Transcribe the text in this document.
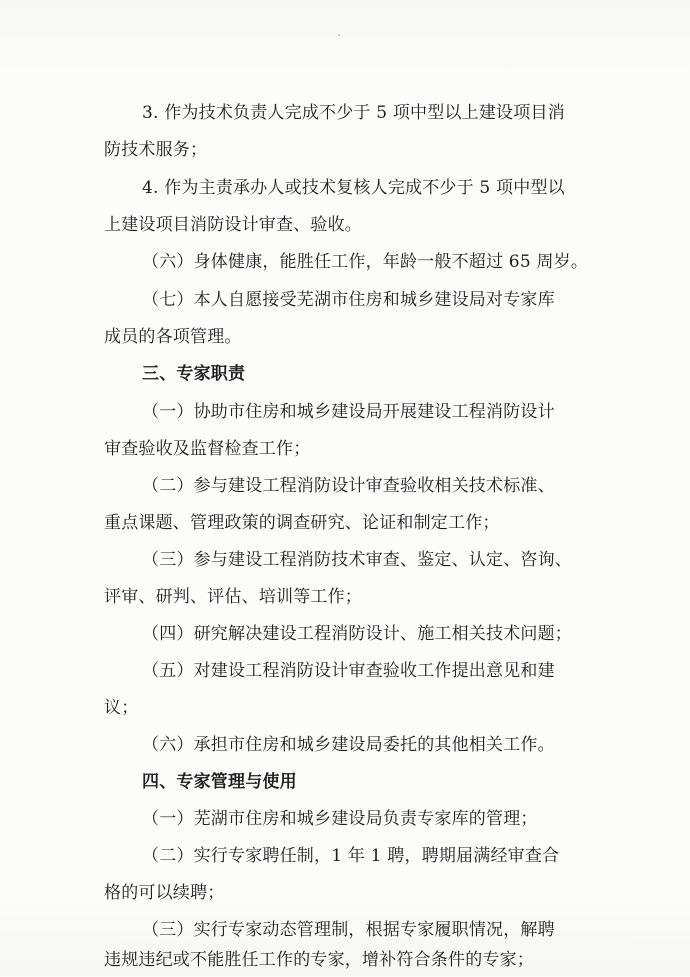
3. 作为技术负责人完成不少于 5 项中型以上建设项目消
防技术服务；
4. 作为主责承办人或技术复核人完成不少于 5 项中型以
上建设项目消防设计审查、验收。
（六）身体健康，能胜任工作，年龄一般不超过 65 周岁。
（七）本人自愿接受芜湖市住房和城乡建设局对专家库
成员的各项管理。
三、专家职责
（一）协助市住房和城乡建设局开展建设工程消防设计
审查验收及监督检查工作；
（二）参与建设工程消防设计审查验收相关技术标准、
重点课题、管理政策的调查研究、论证和制定工作；
（三）参与建设工程消防技术审查、鉴定、认定、咨询、
评审、研判、评估、培训等工作；
（四）研究解决建设工程消防设计、施工相关技术问题；
（五）对建设工程消防设计审查验收工作提出意见和建
议；
（六）承担市住房和城乡建设局委托的其他相关工作。
四、专家管理与使用
（一）芜湖市住房和城乡建设局负责专家库的管理；
（二）实行专家聘任制，1 年 1 聘，聘期届满经审查合
格的可以续聘；
（三）实行专家动态管理制，根据专家履职情况，解聘
违规违纪或不能胜任工作的专家，增补符合条件的专家；
